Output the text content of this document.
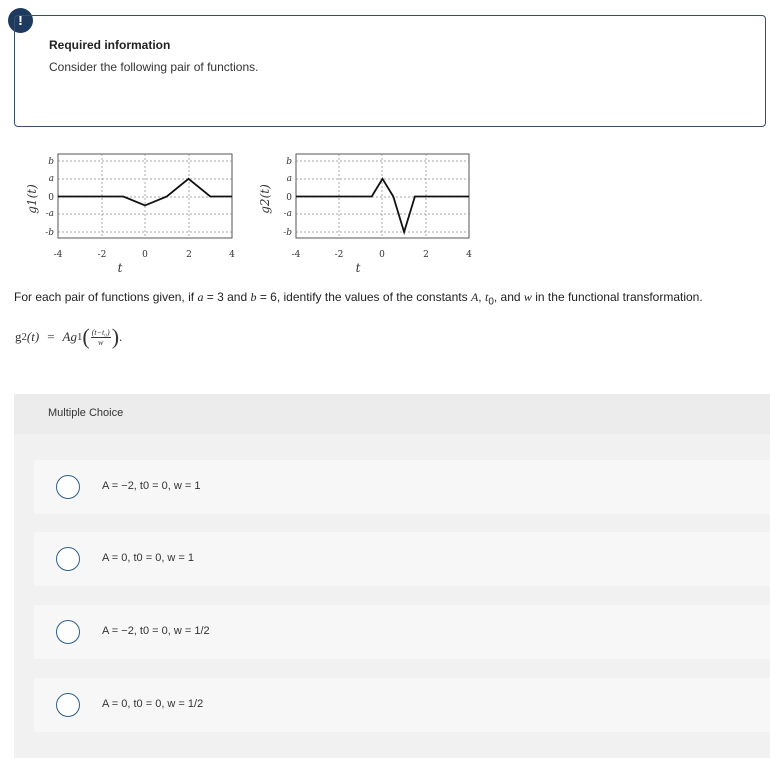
!
Required information
Consider the following pair of functions.
g1(t)
b
a
0
-a
-b
-4	-2	0	2	4
t
g2(t)
b
a
0
-a
-b
-4	-2	0	2	4
t
For each pair of functions given, if a = 3 and b = 6, identify the values of the constants A, $t_0$, and w in the functional transformation.
g 2 (t) = Ag 1 ( $\frac{\text{(t−t₀)}}{w}$ ) .
Multiple Choice
A = −2, t0 = 0, w = 1
A = 0, t0 = 0, w = 1
A = −2, t0 = 0, w = 1/2
A = 0, t0 = 0, w = 1/2
